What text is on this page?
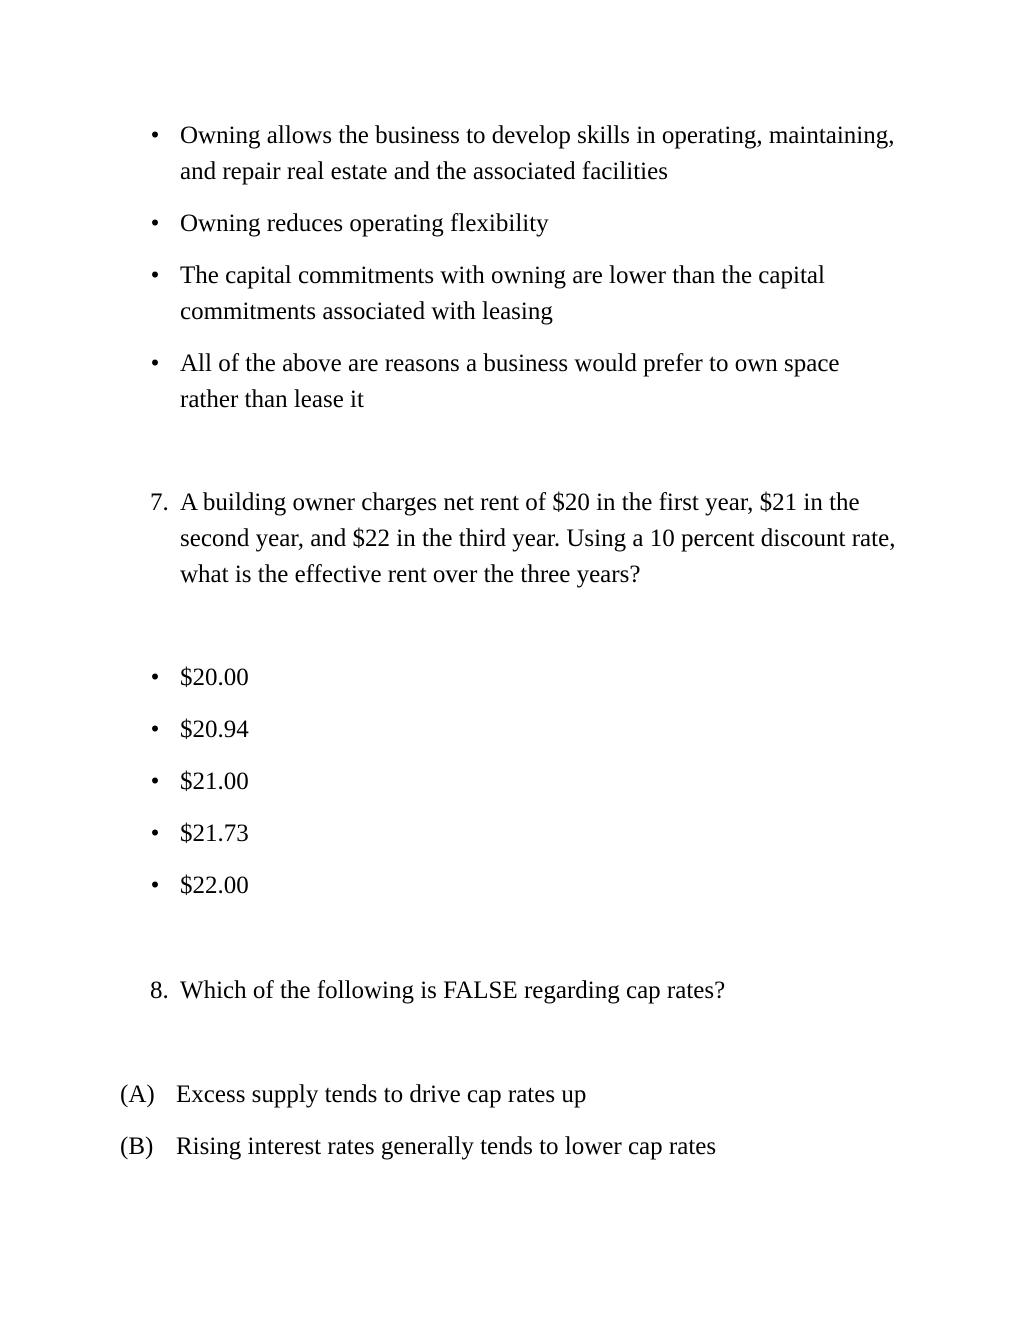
• Owning allows the business to develop skills in operating, maintaining, and repair real estate and the associated facilities
• Owning reduces operating flexibility
• The capital commitments with owning are lower than the capital commitments associated with leasing
• All of the above are reasons a business would prefer to own space rather than lease it
7. A building owner charges net rent of $20 in the first year, $21 in the second year, and $22 in the third year. Using a 10 percent discount rate, what is the effective rent over the three years?
• $20.00
• $20.94
• $21.00
• $21.73
• $22.00
8. Which of the following is FALSE regarding cap rates?
(A) Excess supply tends to drive cap rates up
(B) Rising interest rates generally tends to lower cap rates
